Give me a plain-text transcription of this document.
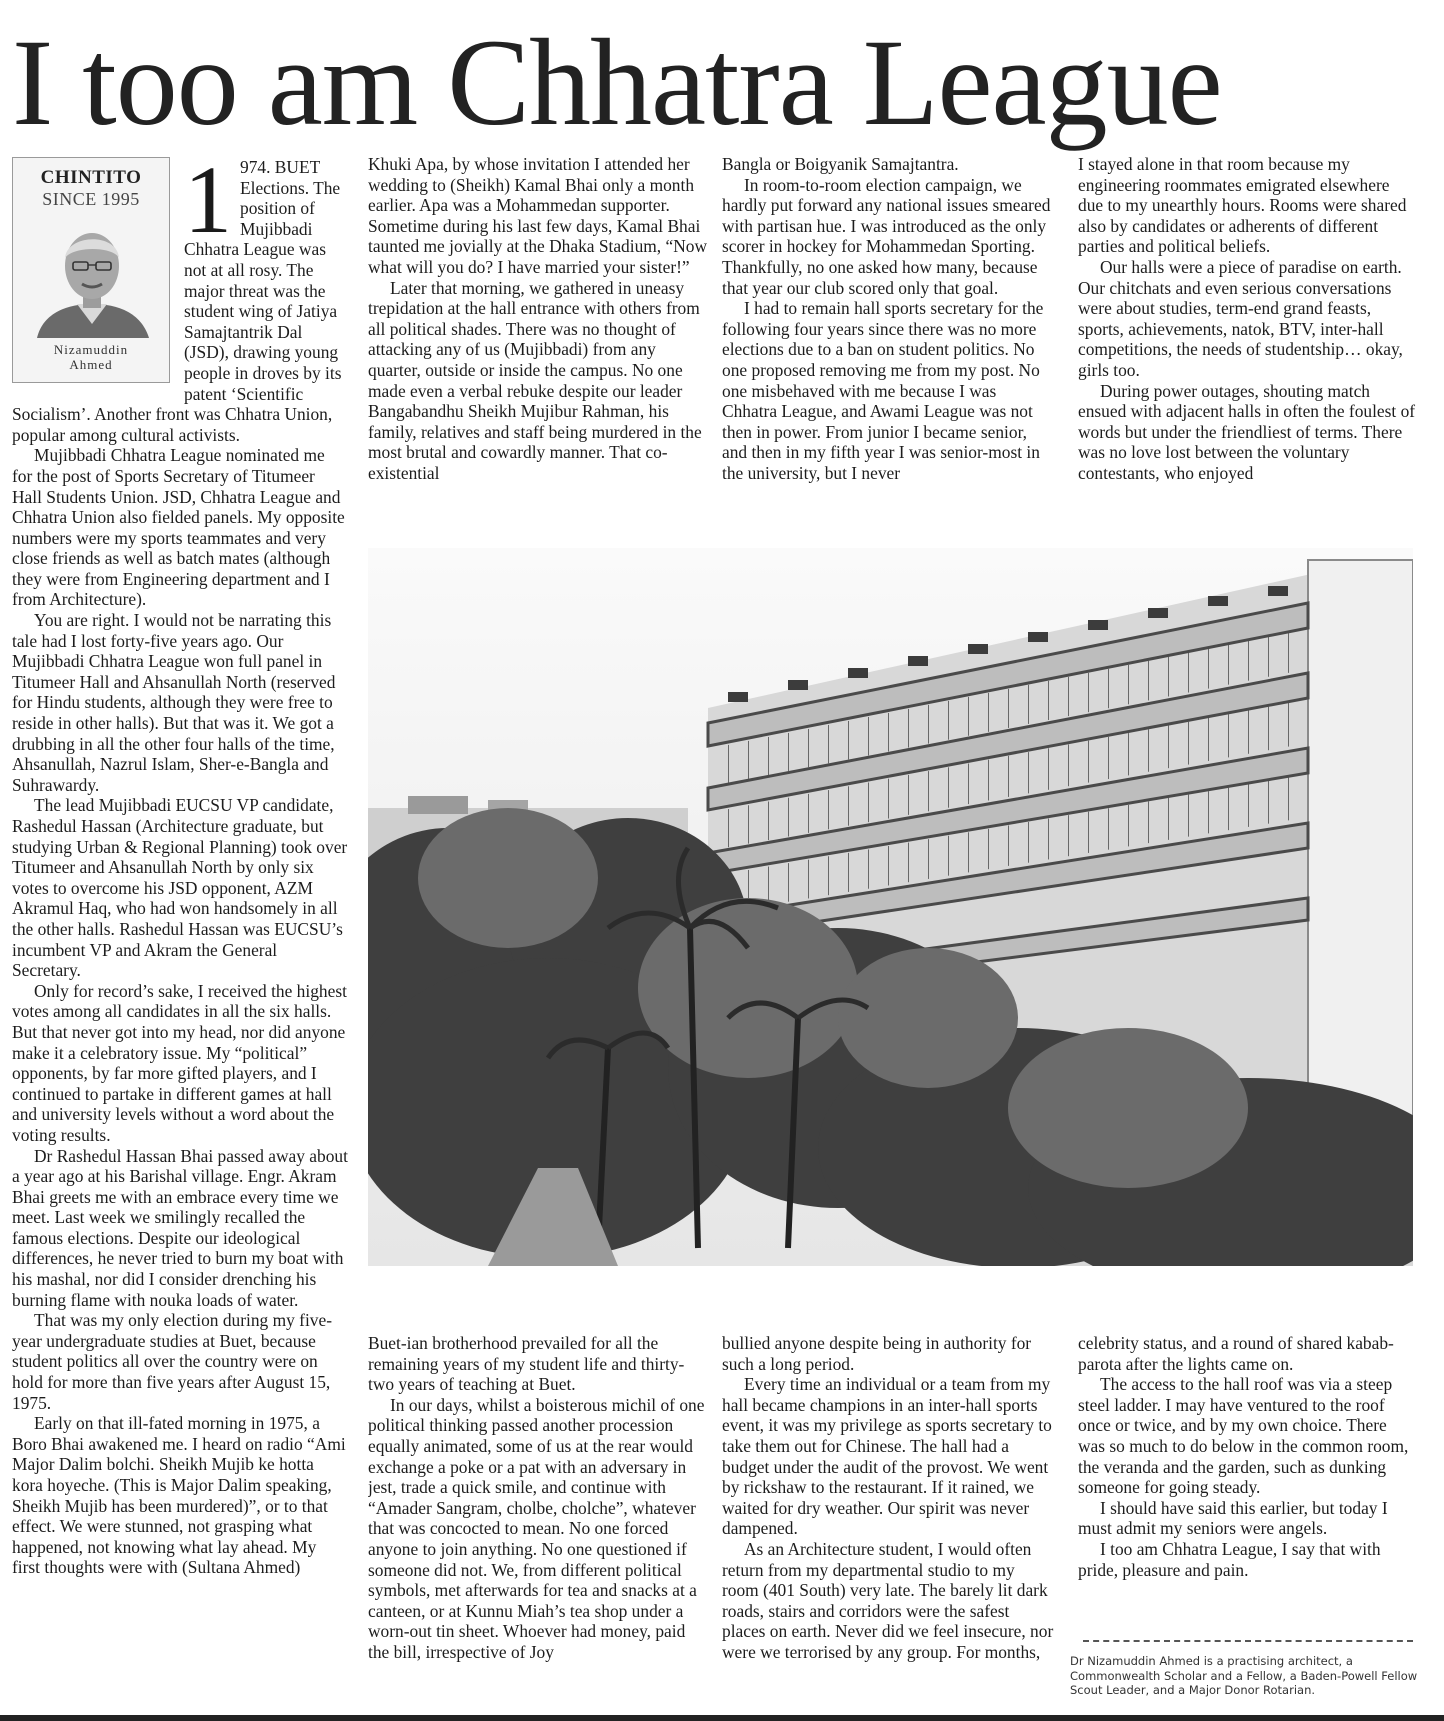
I too am Chhatra League
CHINTITO
SINCE 1995
Nizamuddin
Ahmed
1 974. BUET Elections. The position of Mujibbadi Chhatra League was not at all rosy. The major threat was the student wing of Jatiya Samajtantrik Dal (JSD), drawing young people in droves by its patent ‘Scientific Socialism’. Another front was Chhatra Union, popular among cultural activists.

Mujibbadi Chhatra League nominated me for the post of Sports Secretary of Titumeer Hall Students Union. JSD, Chhatra League and Chhatra Union also fielded panels. My opposite numbers were my sports teammates and very close friends as well as batch mates (although they were from Engineering department and I from Architecture).

You are right. I would not be narrating this tale had I lost forty-five years ago. Our Mujibbadi Chhatra League won full panel in Titumeer Hall and Ahsanullah North (reserved for Hindu students, although they were free to reside in other halls). But that was it. We got a drubbing in all the other four halls of the time, Ahsanullah, Nazrul Islam, Sher-e-Bangla and Suhrawardy.

The lead Mujibbadi EUCSU VP candidate, Rashedul Hassan (Architecture graduate, but studying Urban & Regional Planning) took over Titumeer and Ahsanullah North by only six votes to overcome his JSD opponent, AZM Akramul Haq, who had won handsomely in all the other halls. Rashedul Hassan was EUCSU’s incumbent VP and Akram the General Secretary.

Only for record’s sake, I received the highest votes among all candidates in all the six halls. But that never got into my head, nor did anyone make it a celebratory issue. My “political” opponents, by far more gifted players, and I continued to partake in different games at hall and university levels without a word about the voting results.

Dr Rashedul Hassan Bhai passed away about a year ago at his Barishal village. Engr. Akram Bhai greets me with an embrace every time we meet. Last week we smilingly recalled the famous elections. Despite our ideological differences, he never tried to burn my boat with his mashal, nor did I consider drenching his burning flame with nouka loads of water.

That was my only election during my five-year undergraduate studies at Buet, because student politics all over the country were on hold for more than five years after August 15, 1975.

Early on that ill-fated morning in 1975, a Boro Bhai awakened me. I heard on radio “Ami Major Dalim bolchi. Sheikh Mujib ke hotta kora hoyeche. (This is Major Dalim speaking, Sheikh Mujib has been murdered)”, or to that effect. We were stunned, not grasping what happened, not knowing what lay ahead. My first thoughts were with (Sultana Ahmed)

Khuki Apa, by whose invitation I attended her wedding to (Sheikh) Kamal Bhai only a month earlier. Apa was a Mohammedan supporter. Sometime during his last few days, Kamal Bhai taunted me jovially at the Dhaka Stadium, “Now what will you do? I have married your sister!”

Later that morning, we gathered in uneasy trepidation at the hall entrance with others from all political shades. There was no thought of attacking any of us (Mujibbadi) from any quarter, outside or inside the campus. No one made even a verbal rebuke despite our leader Bangabandhu Sheikh Mujibur Rahman, his family, relatives and staff being murdered in the most brutal and cowardly manner. That co-existential

Bangla or Boigyanik Samajtantra.

In room-to-room election campaign, we hardly put forward any national issues smeared with partisan hue. I was introduced as the only scorer in hockey for Mohammedan Sporting. Thankfully, no one asked how many, because that year our club scored only that goal.

I had to remain hall sports secretary for the following four years since there was no more elections due to a ban on student politics. No one proposed removing me from my post. No one misbehaved with me because I was Chhatra League, and Awami League was not then in power. From junior I became senior, and then in my fifth year I was senior-most in the university, but I never

I stayed alone in that room because my engineering roommates emigrated elsewhere due to my unearthly hours. Rooms were shared also by candidates or adherents of different parties and political beliefs.

Our halls were a piece of paradise on earth. Our chitchats and even serious conversations were about studies, term-end grand feasts, sports, achievements, natok, BTV, inter-hall competitions, the needs of studentship… okay, girls too.

During power outages, shouting match ensued with adjacent halls in often the foulest of words but under the friendliest of terms. There was no love lost between the voluntary contestants, who enjoyed

Buet-ian brotherhood prevailed for all the remaining years of my student life and thirty-two years of teaching at Buet.

In our days, whilst a boisterous michil of one political thinking passed another procession equally animated, some of us at the rear would exchange a poke or a pat with an adversary in jest, trade a quick smile, and continue with “Amader Sangram, cholbe, cholche”, whatever that was concocted to mean. No one forced anyone to join anything. No one questioned if someone did not. We, from different political symbols, met afterwards for tea and snacks at a canteen, or at Kunnu Miah’s tea shop under a worn-out tin sheet. Whoever had money, paid the bill, irrespective of Joy

bullied anyone despite being in authority for such a long period.

Every time an individual or a team from my hall became champions in an inter-hall sports event, it was my privilege as sports secretary to take them out for Chinese. The hall had a budget under the audit of the provost. We went by rickshaw to the restaurant. If it rained, we waited for dry weather. Our spirit was never dampened.

As an Architecture student, I would often return from my departmental studio to my room (401 South) very late. The barely lit dark roads, stairs and corridors were the safest places on earth. Never did we feel insecure, nor were we terrorised by any group. For months,

celebrity status, and a round of shared kabab-parota after the lights came on.

The access to the hall roof was via a steep steel ladder. I may have ventured to the roof once or twice, and by my own choice. There was so much to do below in the common room, the veranda and the garden, such as dunking someone for going steady.

I should have said this earlier, but today I must admit my seniors were angels.

I too am Chhatra League, I say that with pride, pleasure and pain.

Dr Nizamuddin Ahmed is a practising architect, a Commonwealth Scholar and a Fellow, a Baden-Powell Fellow Scout Leader, and a Major Donor Rotarian.
